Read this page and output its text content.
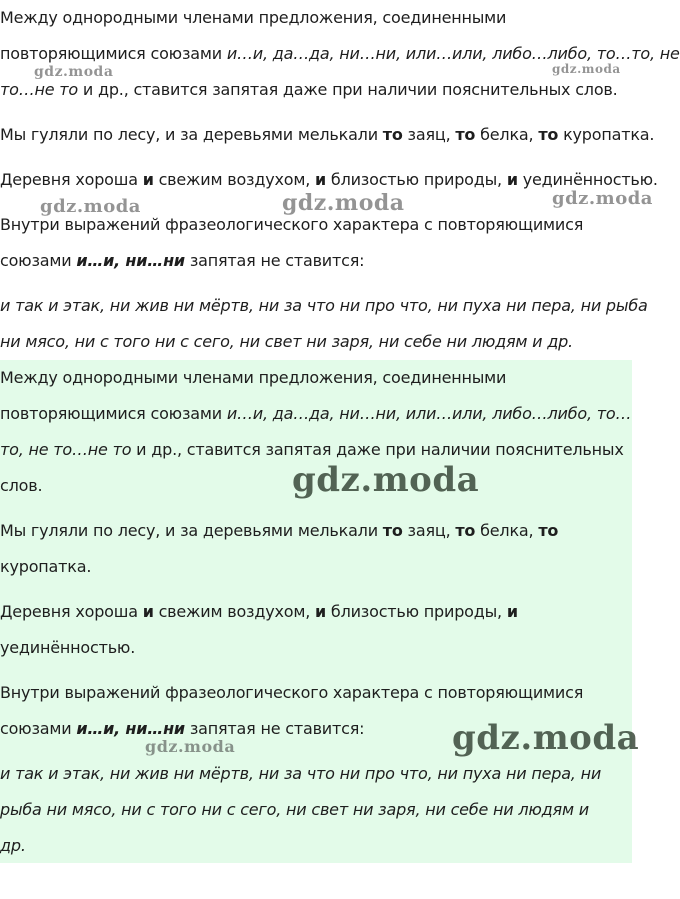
Между однородными членами предложения, соединенными
повторяющимися союзами и…и, да…да, ни…ни, или…или, либо…либо, то…то, не
то…не то и др., ставится запятая даже при наличии пояснительных слов.
Мы гуляли по лесу, и за деревьями мелькали то заяц, то белка, то куропатка.
Деревня хороша и свежим воздухом, и близостью природы, и уединённостью.
Внутри выражений фразеологического характера с повторяющимися
союзами и…и, ни…ни запятая не ставится:
и так и этак, ни жив ни мёртв, ни за что ни про что, ни пуха ни пера, ни рыба
ни мясо, ни с того ни с сего, ни свет ни заря, ни себе ни людям и др.
Между однородными членами предложения, соединенными
повторяющимися союзами и…и, да…да, ни…ни, или…или, либо…либо, то…
то, не то…не то и др., ставится запятая даже при наличии пояснительных
слов.
Мы гуляли по лесу, и за деревьями мелькали то заяц, то белка, то
куропатка.
Деревня хороша и свежим воздухом, и близостью природы, и
уединённостью.
Внутри выражений фразеологического характера с повторяющимися
союзами и…и, ни…ни запятая не ставится:
и так и этак, ни жив ни мёртв, ни за что ни про что, ни пуха ни пера, ни
рыба ни мясо, ни с того ни с сего, ни свет ни заря, ни себе ни людям и
др.
gdz.moda	gdz.moda
gdz.moda	gdz.moda	gdz.moda
gdz.moda
gdz.moda	gdz.moda
